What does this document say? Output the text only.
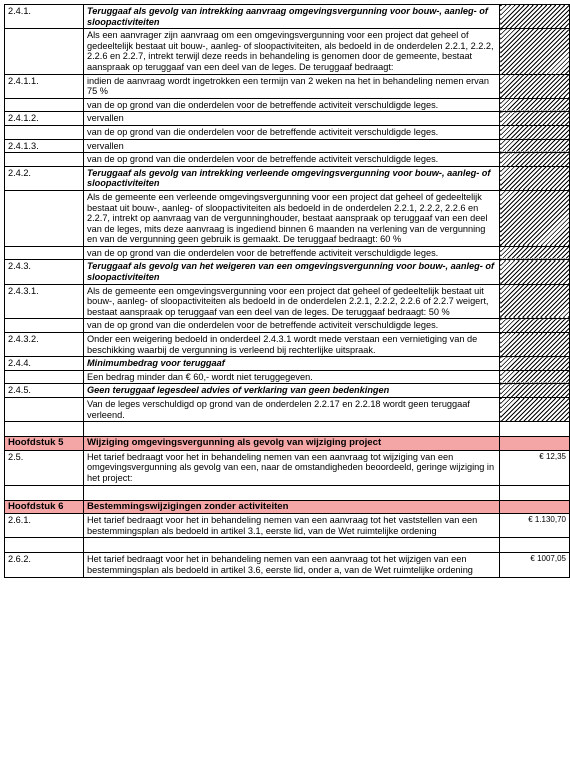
2.4.1.	Teruggaaf als gevolg van intrekking aanvraag omgevingsvergunning voor bouw-, aanleg- of sloopactiviteiten	
	Als een aanvrager zijn aanvraag om een omgevingsvergunning voor een project dat geheel of gedeeltelijk bestaat uit bouw-, aanleg- of sloopactiviteiten, als bedoeld in de onderdelen 2.2.1, 2.2.2, 2.2.6 en 2.2.7, intrekt terwijl deze reeds in behandeling is genomen door de gemeente, bestaat aanspraak op teruggaaf van een deel van de leges. De teruggaaf bedraagt:	
2.4.1.1.	indien de aanvraag wordt ingetrokken een termijn van 2 weken na het in behandeling nemen ervan 75 %	
	van de op grond van die onderdelen voor de betreffende activiteit verschuldigde leges.	
2.4.1.2.	vervallen	
	van de op grond van die onderdelen voor de betreffende activiteit verschuldigde leges.	
2.4.1.3.	vervallen	
	van de op grond van die onderdelen voor de betreffende activiteit verschuldigde leges.	
2.4.2.	Teruggaaf als gevolg van intrekking verleende omgevingsvergunning voor bouw-, aanleg- of sloopactiviteiten	
	Als de gemeente een verleende omgevingsvergunning voor een project dat geheel of gedeeltelijk bestaat uit bouw-, aanleg- of sloopactiviteiten als bedoeld in de onderdelen 2.2.1, 2.2.2, 2.2.6 en 2.2.7, intrekt op aanvraag van de vergunninghouder, bestaat aanspraak op teruggaaf van een deel van de leges, mits deze aanvraag is ingediend binnen 6 maanden na verlening van de vergunning en van de vergunning geen gebruik is gemaakt. De teruggaaf bedraagt: 60 %	
	van de op grond van die onderdelen voor de betreffende activiteit verschuldigde leges.	
2.4.3.	Teruggaaf als gevolg van het weigeren van een omgevingsvergunning voor bouw-, aanleg- of sloopactiviteiten	
2.4.3.1.	Als de gemeente een omgevingsvergunning voor een project dat geheel of gedeeltelijk bestaat uit bouw-, aanleg- of sloopactiviteiten als bedoeld in de onderdelen 2.2.1, 2.2.2, 2.2.6 of 2.2.7 weigert, bestaat aanspraak op teruggaaf van een deel van de leges. De teruggaaf bedraagt: 50 %	
	van de op grond van die onderdelen voor de betreffende activiteit verschuldigde leges.	
2.4.3.2.	Onder een weigering bedoeld in onderdeel 2.4.3.1 wordt mede verstaan een vernietiging van de beschikking waarbij de vergunning is verleend bij rechterlijke uitspraak.	
2.4.4.	Minimumbedrag voor teruggaaf	
	Een bedrag minder dan € 60,- wordt niet teruggegeven.	
2.4.5.	Geen teruggaaf legesdeel advies of verklaring van geen bedenkingen	
	Van de leges verschuldigd op grond van de onderdelen 2.2.17 en 2.2.18 wordt geen teruggaaf verleend.	

Hoofdstuk 5	Wijziging omgevingsvergunning als gevolg van wijziging project	
2.5.	Het tarief bedraagt voor het in behandeling nemen van een aanvraag tot wijziging van een omgevingsvergunning als gevolg van een, naar de omstandigheden beoordeeld, geringe wijziging in het project:	€ 12,35

Hoofdstuk 6	Bestemmingswijzigingen zonder activiteiten	
2.6.1.	Het tarief bedraagt voor het in behandeling nemen van een aanvraag tot het vaststellen van een bestemmingsplan als bedoeld in artikel 3.1, eerste lid, van de Wet ruimtelijke ordening	€ 1.130,70

2.6.2.	Het tarief bedraagt voor het in behandeling nemen van een aanvraag tot het wijzigen van een bestemmingsplan als bedoeld in artikel 3.6, eerste lid, onder a, van de Wet ruimtelijke ordening	€ 1007,05
